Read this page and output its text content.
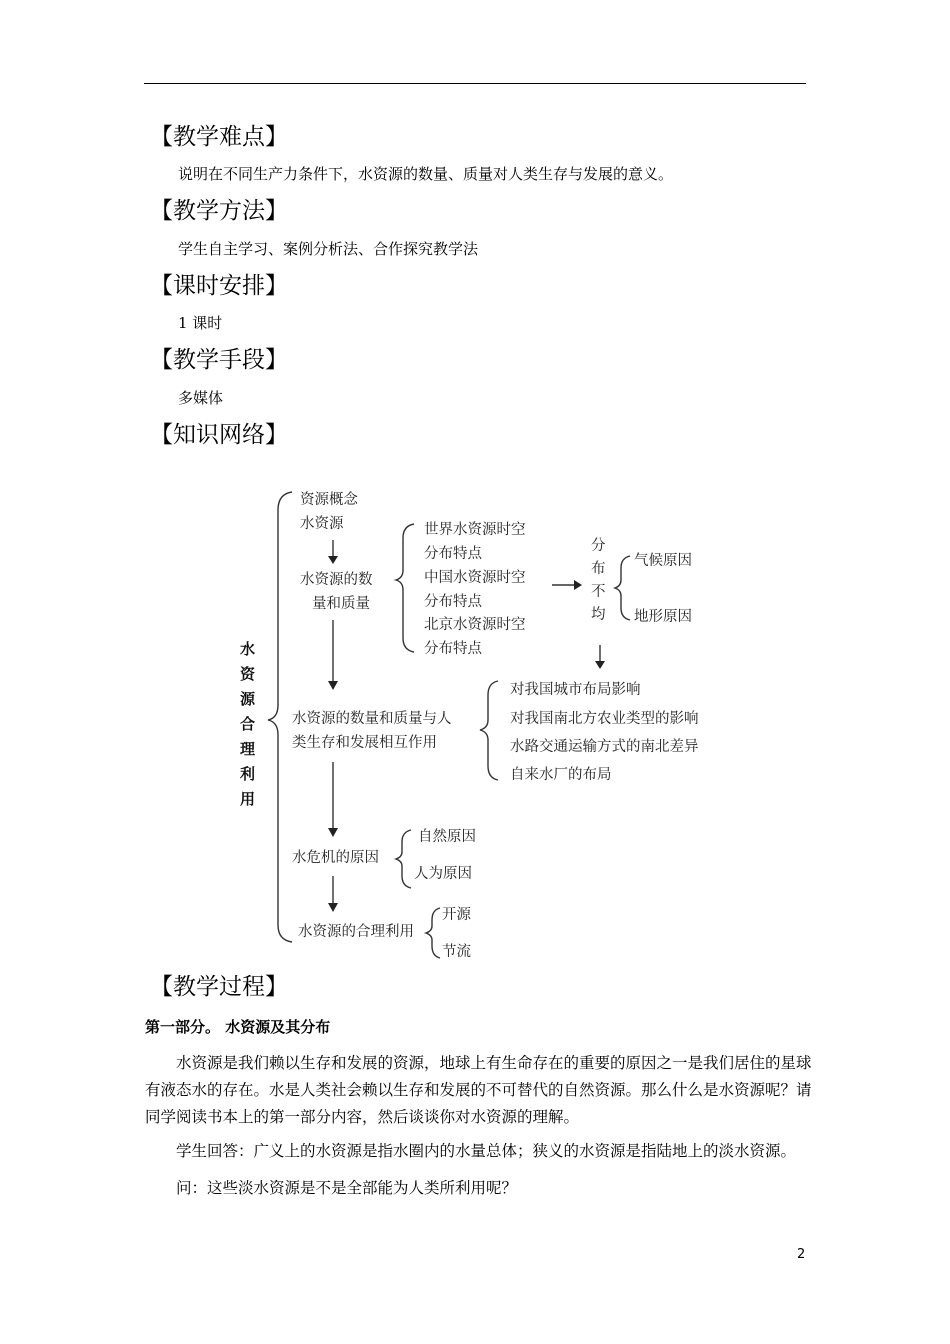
【教学难点】
说明在不同生产力条件下，水资源的数量、质量对人类生存与发展的意义。
【教学方法】
学生自主学习、案例分析法、合作探究教学法
【课时安排】
1 课时
【教学手段】
多媒体
【知识网络】
水
资
源
合
理
利
用
资源概念
水资源
水资源的数
量和质量
世界水资源时空
分布特点
中国水资源时空
分布特点
北京水资源时空
分布特点
分
布
不
均
气候原因
地形原因
水资源的数量和质量与人
类生存和发展相互作用
对我国城市布局影响
对我国南北方农业类型的影响
水路交通运输方式的南北差异
自来水厂的布局
水危机的原因
自然原因
人为原因
水资源的合理利用
开源
节流
【教学过程】
第一部分。 水资源及其分布
水资源是我们赖以生存和发展的资源，地球上有生命存在的重要的原因之一是我们居住的星球有液态水的存在。水是人类社会赖以生存和发展的不可替代的自然资源。那么什么是水资源呢？请同学阅读书本上的第一部分内容，然后谈谈你对水资源的理解。
学生回答：广义上的水资源是指水圈内的水量总体；狭义的水资源是指陆地上的淡水资源。
问：这些淡水资源是不是全部能为人类所利用呢？
2
